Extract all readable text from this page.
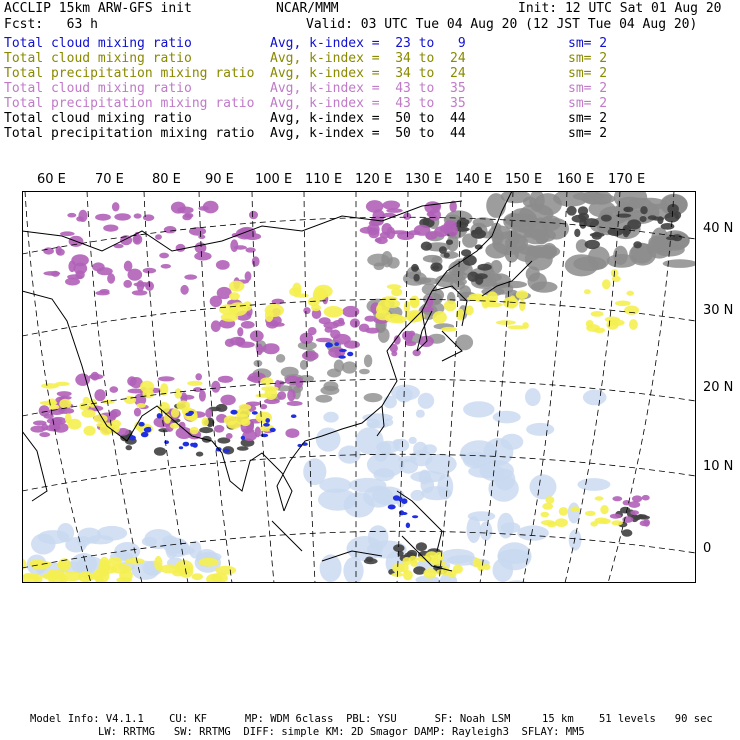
ACCLIP 15km ARW-GFS init	NCAR/MMM	Init: 12 UTC Sat 01 Aug 20
Fcst:   63 h	Valid: 03 UTC Tue 04 Aug 20 (12 JST Tue 04 Aug 20)
Total cloud mixing ratio	Avg, k-index =  23 to   9	sm= 2
Total cloud mixing ratio	Avg, k-index =  34 to  24	sm= 2
Total precipitation mixing ratio Avg, k-index =  34 to  24	sm= 2
Total cloud mixing ratio	Avg, k-index =  43 to  35	sm= 2
Total precipitation mixing ratio Avg, k-index =  43 to  35	sm= 2
Total cloud mixing ratio	Avg, k-index =  50 to  44	sm= 2
Total precipitation mixing ratio Avg, k-index =  50 to  44	sm= 2
60 E 70 E 80 E 90 E 100 E 110 E 120 E 130 E 140 E 150 E 160 E 170 E
40 N
30 N
20 N
10 N
0
Model Info: V4.1.1    CU: KF      MP: WDM 6class  PBL: YSU      SF: Noah LSM     15 km    51 levels   90 sec
LW: RRTMG   SW: RRTMG  DIFF: simple KM: 2D Smagor DAMP: Rayleigh3  SFLAY: MM5
